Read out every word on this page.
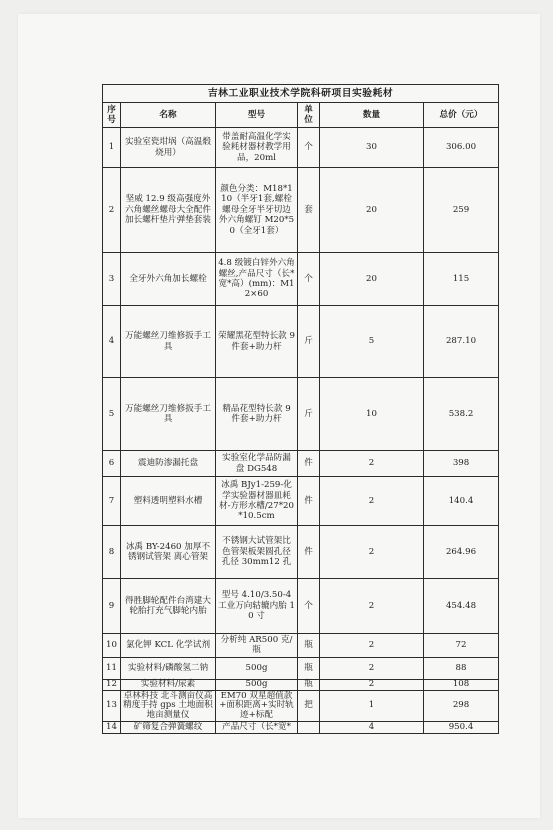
吉林工业职业技术学院科研项目实验耗材					
序号	名称	型号	单位	数量	总价（元）
1	实验室瓷坩埚（高温煅烧用）	带盖耐高温化学实验耗材器材教学用品，20ml	个	30	306.00
2	坚威 12.9 级高强度外六角螺丝螺母大全配件加长螺杆垫片弹垫套装	颜色分类：M18*110（半牙1套,螺栓螺母全牙半牙切边外六角螺钉 M20*50（全牙1套）	套	20	259
3	全牙外六角加长螺栓	4.8 级镀白锌外六角螺丝,产品尺寸（长*宽*高）(mm)：M12×60	个	20	115
4	万能螺丝刀维修扳手工具	荣耀黑花型特长款 9 件套+助力杆	斤	5	287.10
5	万能螺丝刀维修扳手工具	精品花型特长款 9 件套+助力杆	斤	10	538.2
6	震迪防渗漏托盘	实验室化学品防漏盘 DG548	件	2	398
7	塑料透明塑料水槽	冰禹 BJy1-259-化学实验器材器皿耗材-方形水槽/27*20*10.5cm	件	2	140.4
8	冰禹 BY-2460 加厚不锈钢试管架 离心管架	不锈钢大试管架比色管架板架圆孔径 孔径 30mm12 孔	件	2	264.96
9	得胜脚轮配件台湾建大轮胎打充气脚轮内胎	型号 4.10/3.50-4 工业万向轱辘内胎 10 寸	个	2	454.48
10	氯化钾 KCL 化学试剂	分析纯 AR500 克/瓶	瓶	2	72
11	实验材料/磷酸氢二钠	500g	瓶	2	88
12	实验材料/尿素	500g	瓶	2	108
13	卓林科技 北斗测亩仪高精度手持 gps 土地面积地亩测量仪	EM70 双星超值款+面积距离+实时轨迹+标配	把	1	298
14	矿筛复合弹簧螺纹	产品尺寸（长*宽*		4	950.4
